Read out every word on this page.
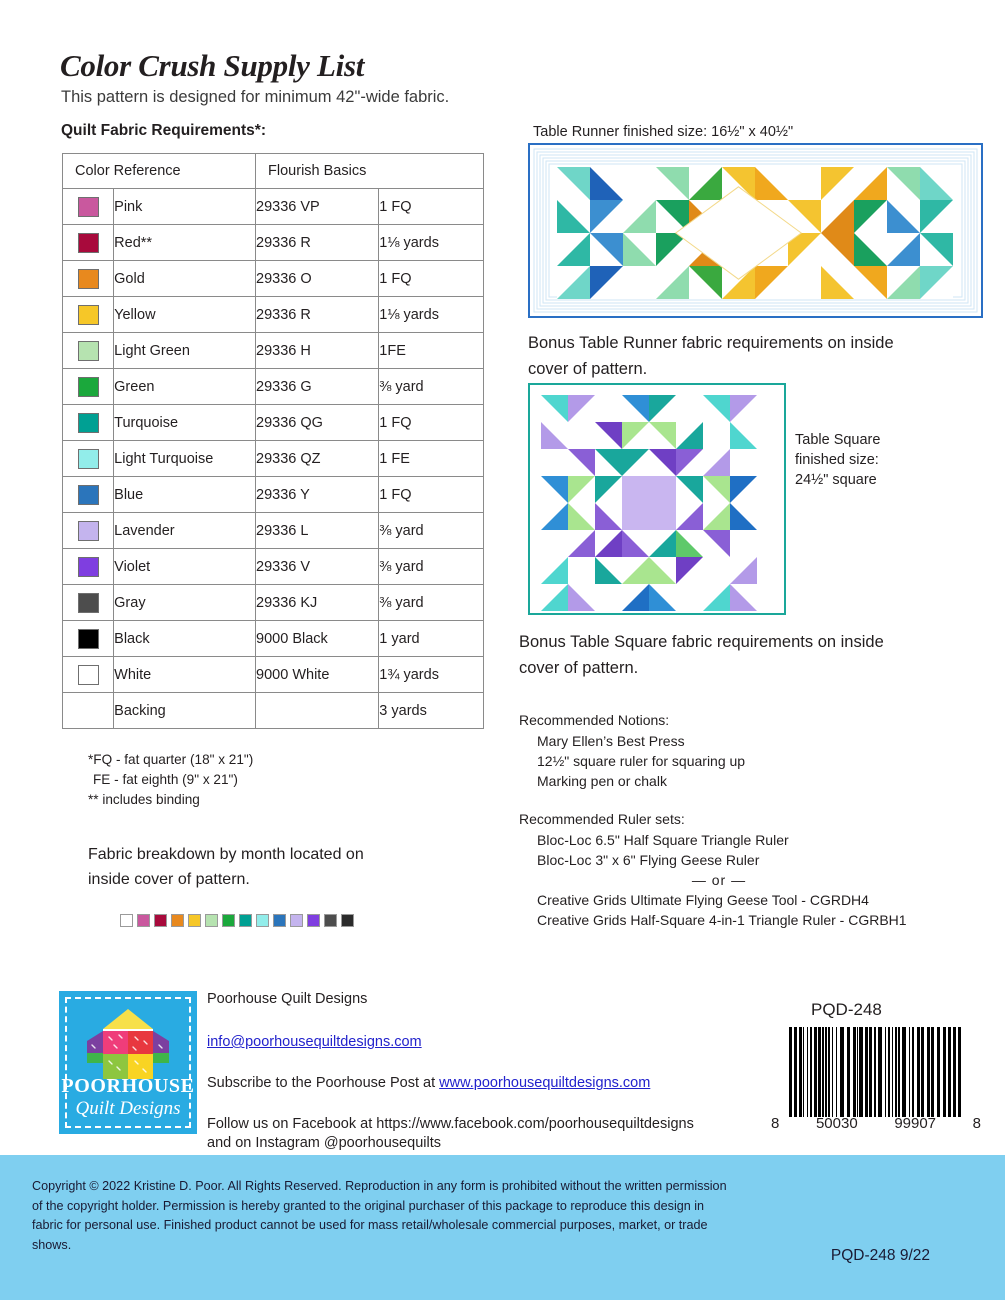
Color Crush Supply List
This pattern is designed for minimum 42"-wide fabric.
Quilt Fabric Requirements*:
Color Reference		Flourish Basics	

	Pink	29336 VP	1 FQ

	Red**	29336 R	1⅛ yards

	Gold	29336 O	1 FQ

	Yellow	29336 R	1⅛ yards

	Light Green	29336 H	1FE

	Green	29336 G	⅜ yard

	Turquoise	29336 QG	1 FQ

	Light Turquoise	29336 QZ	1 FE

	Blue	29336 Y	1 FQ

	Lavender	29336 L	⅜ yard

	Violet	29336 V	⅜ yard

	Gray	29336 KJ	⅜ yard

	Black	9000 Black	1 yard

	White	9000 White	1¾ yards
	Backing		3 yards
*FQ - fat quarter (18" x 21")
FE - fat eighth (9" x 21")
** includes binding
Fabric breakdown by month located on
inside cover of pattern.
Table Runner finished size: 16½" x 40½"
Bonus Table Runner fabric requirements on inside
cover of pattern.
Table Square
finished size:
24½" square
Bonus Table Square fabric requirements on inside
cover of pattern.
Recommended Notions:
Mary Ellen’s Best Press
12½" square ruler for squaring up
Marking pen or chalk
Recommended Ruler sets:
Bloc-Loc 6.5" Half Square Triangle Ruler
Bloc-Loc 3" x 6" Flying Geese Ruler
— or —
Creative Grids Ultimate Flying Geese Tool - CGRDH4
Creative Grids Half-Square 4-in-1 Triangle Ruler - CGRBH1
POORHOUSE
Quilt Designs
Poorhouse Quilt Designs
info@poorhousequiltdesigns.com
Subscribe to the Poorhouse Post at www.poorhousequiltdesigns.com
Follow us on Facebook at https://www.facebook.com/poorhousequiltdesigns
and on Instagram @poorhousequilts
PQD-248
8 50030 99907 8
Copyright © 2022 Kristine D. Poor. All Rights Reserved. Reproduction in any form is prohibited without the written permission of the copyright holder. Permission is hereby granted to the original purchaser of this package to reproduce this design in fabric for personal use. Finished product cannot be used for mass retail/wholesale commercial purposes, market, or trade shows.
PQD-248 9/22
